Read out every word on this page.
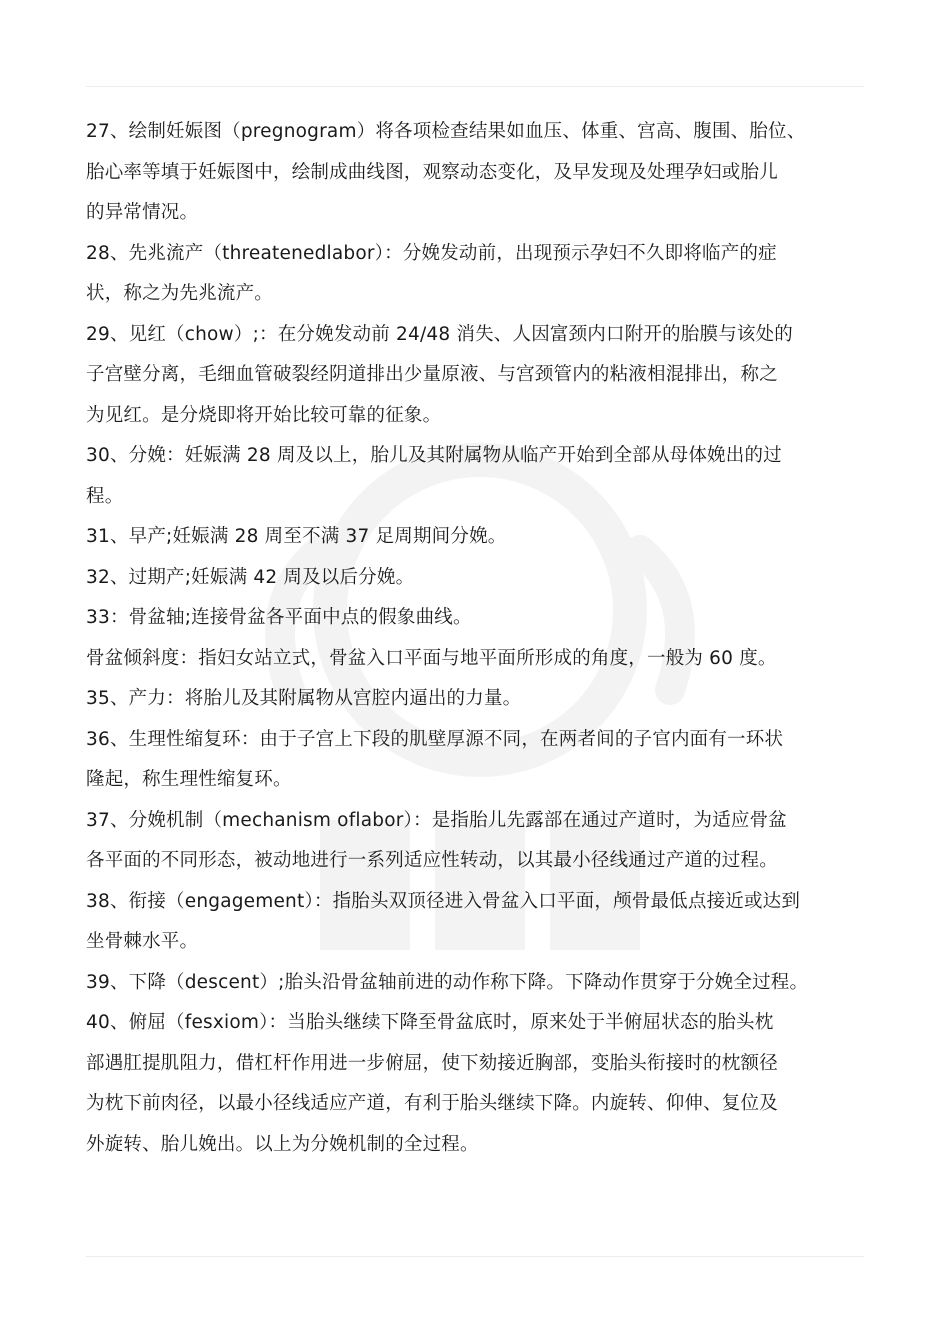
27、绘制妊娠图（pregnogram）将各项检查结果如血压、体重、宫高、腹围、胎位、
胎心率等填于妊娠图中，绘制成曲线图，观察动态变化，及早发现及处理孕妇或胎儿
的异常情况。
28、先兆流产（threatenedlabor）：分娩发动前，出现预示孕妇不久即将临产的症
状，称之为先兆流产。
29、见红（chow）;：在分娩发动前 24/48 消失、人因富颈内口附开的胎膜与该处的
子宫壁分离，毛细血管破裂经阴道排出少量原液、与宫颈管内的粘液相混排出，称之
为见红。是分烧即将开始比较可靠的征象。
30、分娩：妊娠满 28 周及以上，胎儿及其附属物从临产开始到全部从母体娩出的过
程。
31、早产;妊娠满 28 周至不满 37 足周期间分娩。
32、过期产;妊娠满 42 周及以后分娩。
33：骨盆轴;连接骨盆各平面中点的假象曲线。
骨盆倾斜度：指妇女站立式，骨盆入口平面与地平面所形成的角度，一般为 60 度。
35、产力：将胎儿及其附属物从宫腔内逼出的力量。
36、生理性缩复环：由于子宫上下段的肌壁厚源不同，在两者间的子官内面有一环状
隆起，称生理性缩复环。
37、分娩机制（mechanism oflabor）：是指胎儿先露部在通过产道时，为适应骨盆
各平面的不同形态，被动地进行一系列适应性转动，以其最小径线通过产道的过程。
38、衔接（engagement）：指胎头双顶径进入骨盆入口平面，颅骨最低点接近或达到
坐骨棘水平。
39、下降（descent）;胎头沿骨盆轴前进的动作称下降。下降动作贯穿于分娩全过程。
40、俯屈（fesxiom）：当胎头继续下降至骨盆底时，原来处于半俯屈状态的胎头枕
部遇肛提肌阻力，借杠杆作用进一步俯屈，使下劾接近胸部，变胎头衔接时的枕额径
为枕下前肉径，以最小径线适应产道，有利于胎头继续下降。内旋转、仰伸、复位及
外旋转、胎儿娩出。以上为分娩机制的全过程。
